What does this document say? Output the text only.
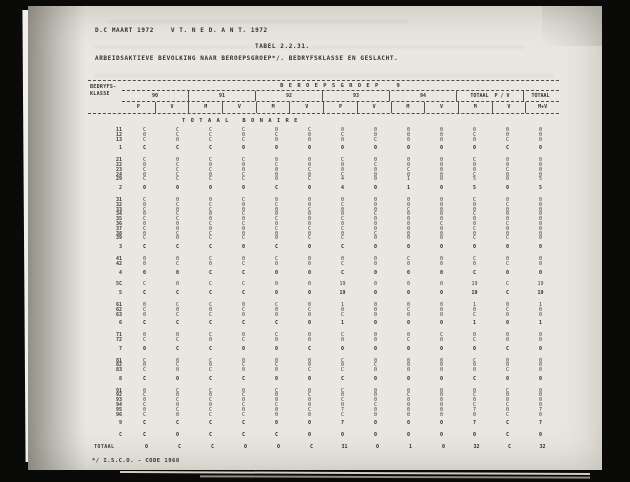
D.C MAART 1972    V T. N E D. A N T. 1972
TABEL 2.2.31.
ARBEIDSAKTIEVE BEVOLKING NAAR BEROEPSGROEP*/. BEDRYFSKLASSE EN GESLACHT.
BEDRYFS-
KLASSE
B E R O E P S G R O E P    9
90	91	92	93	94	TOTAAL  P / V	TOTAAL
P	V	M	V	M	V	P	V	M	V	M	V	M+V
T O T A A L   B O N A I R E
11	C	C	C	C	0	C	0	0	0	0	0	0	0
12	0	C	C	0	C	0	C	0	0	0	C	0	0
13	C	0	C	C	0	0	0	C	0	0	0	C	0
1	C	C	C	0	0	0	0	0	0	0	0	C	0
21	C	0	C	C	0	0	C	0	0	0	C	0	0
22	0	C	0	0	C	0	0	C	0	0	0	0	0
23	C	C	C	0	0	C	0	0	C	0	0	C	0
24	0	C	0	C	0	0	C	0	0	0	C	0	0
29	C	C	C	C	0	C	4	0	1	0	5	0	5
2	0	0	0	0	C	0	4	0	1	0	5	0	5
31	C	0	0	C	0	0	0	0	0	0	C	0	0
32	0	C	C	0	C	0	C	0	0	0	0	C	0
33	C	0	C	0	0	C	0	0	C	0	0	0	0
34	0	C	0	C	0	0	0	C	0	0	C	0	0
35	C	C	0	0	C	0	C	0	0	0	0	0	0
36	0	0	C	C	0	0	0	0	0	C	0	C	0
37	C	0	0	0	C	C	C	0	0	0	C	0	0
38	0	C	C	0	0	0	0	C	0	0	0	0	0
39	C	0	C	C	0	C	C	0	0	0	C	C	0
3	C	C	C	0	C	0	C	0	0	0	0	0	0
41	0	0	C	0	C	0	0	0	C	0	C	0	0
42	0	C	0	C	0	0	C	0	0	0	0	C	0
4	0	0	C	C	0	0	C	0	0	0	C	0	0
5C	C	0	C	C	0	0	19	0	0	0	19	C	19
5	C	C	C	C	0	0	19	0	0	0	19	C	19
61	0	C	C	0	C	0	1	0	0	0	1	0	1
62	C	0	0	C	0	C	0	0	C	0	0	C	0
63	0	C	C	0	0	0	C	0	0	0	C	0	0
6	C	C	C	C	C	0	1	0	0	0	1	0	1
71	0	0	C	0	C	0	C	0	0	C	0	0	0
72	C	C	0	C	0	0	0	0	C	0	C	0	0
7	0	C	C	0	0	C	0	0	0	0	0	C	0
81	C	0	C	0	0	0	C	0	0	0	C	0	0
82	0	C	0	C	C	0	0	C	0	0	0	0	0
83	C	0	C	0	0	C	C	0	0	0	0	C	0
8	C	0	C	C	0	0	C	0	0	0	C	0	0
91	0	C	C	0	C	0	C	0	0	0	0	C	0
92	C	0	0	C	0	C	0	0	C	0	C	0	0
93	0	C	C	0	0	0	C	0	0	0	0	0	0
94	C	0	0	C	C	0	0	C	0	0	C	C	0
95	0	C	C	0	0	C	7	0	0	0	7	0	7
96	C	0	C	C	0	0	C	0	0	0	0	C	0
9	C	C	C	C	0	0	7	0	0	0	7	C	7
C	C	0	C	C	C	0	0	0	0	0	0	C	0
TOTAAL	0	C	C	0	0	C	31	0	1	0	32	C	32
*/ I.S.C.O. - CODE 1968
